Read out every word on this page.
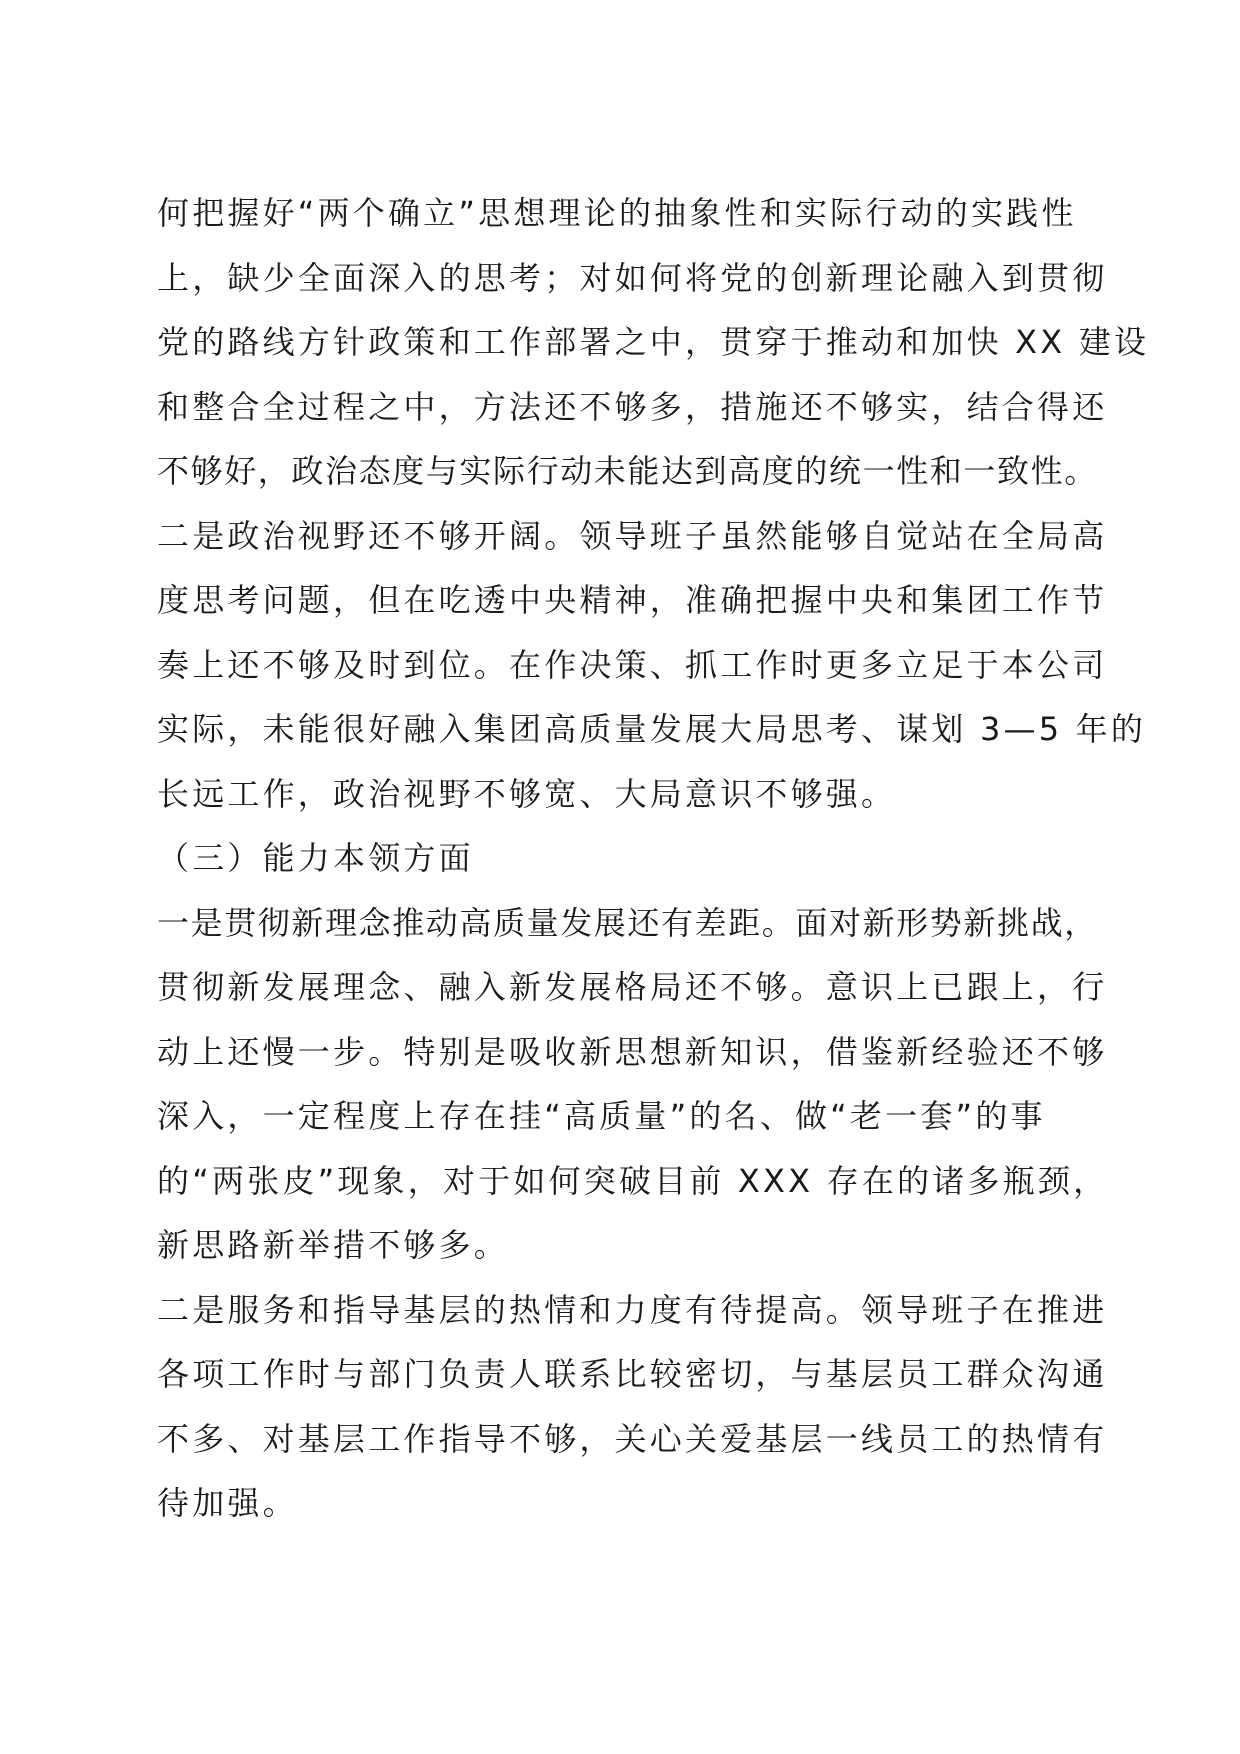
何把握好“两个确立”思想理论的抽象性和实际行动的实践性
上，缺少全面深入的思考；对如何将党的创新理论融入到贯彻
党的路线方针政策和工作部署之中，贯穿于推动和加快 XX 建设
和整合全过程之中，方法还不够多，措施还不够实，结合得还
不够好，政治态度与实际行动未能达到高度的统一性和一致性。
二是政治视野还不够开阔。领导班子虽然能够自觉站在全局高
度思考问题，但在吃透中央精神，准确把握中央和集团工作节
奏上还不够及时到位。在作决策、抓工作时更多立足于本公司
实际，未能很好融入集团高质量发展大局思考、谋划 3—5 年的
长远工作，政治视野不够宽、大局意识不够强。
（三）能力本领方面
一是贯彻新理念推动高质量发展还有差距。面对新形势新挑战，
贯彻新发展理念、融入新发展格局还不够。意识上已跟上，行
动上还慢一步。特别是吸收新思想新知识，借鉴新经验还不够
深入，一定程度上存在挂“高质量”的名、做“老一套”的事
的“两张皮”现象，对于如何突破目前 XXX 存在的诸多瓶颈，
新思路新举措不够多。
二是服务和指导基层的热情和力度有待提高。领导班子在推进
各项工作时与部门负责人联系比较密切，与基层员工群众沟通
不多、对基层工作指导不够，关心关爱基层一线员工的热情有
待加强。
